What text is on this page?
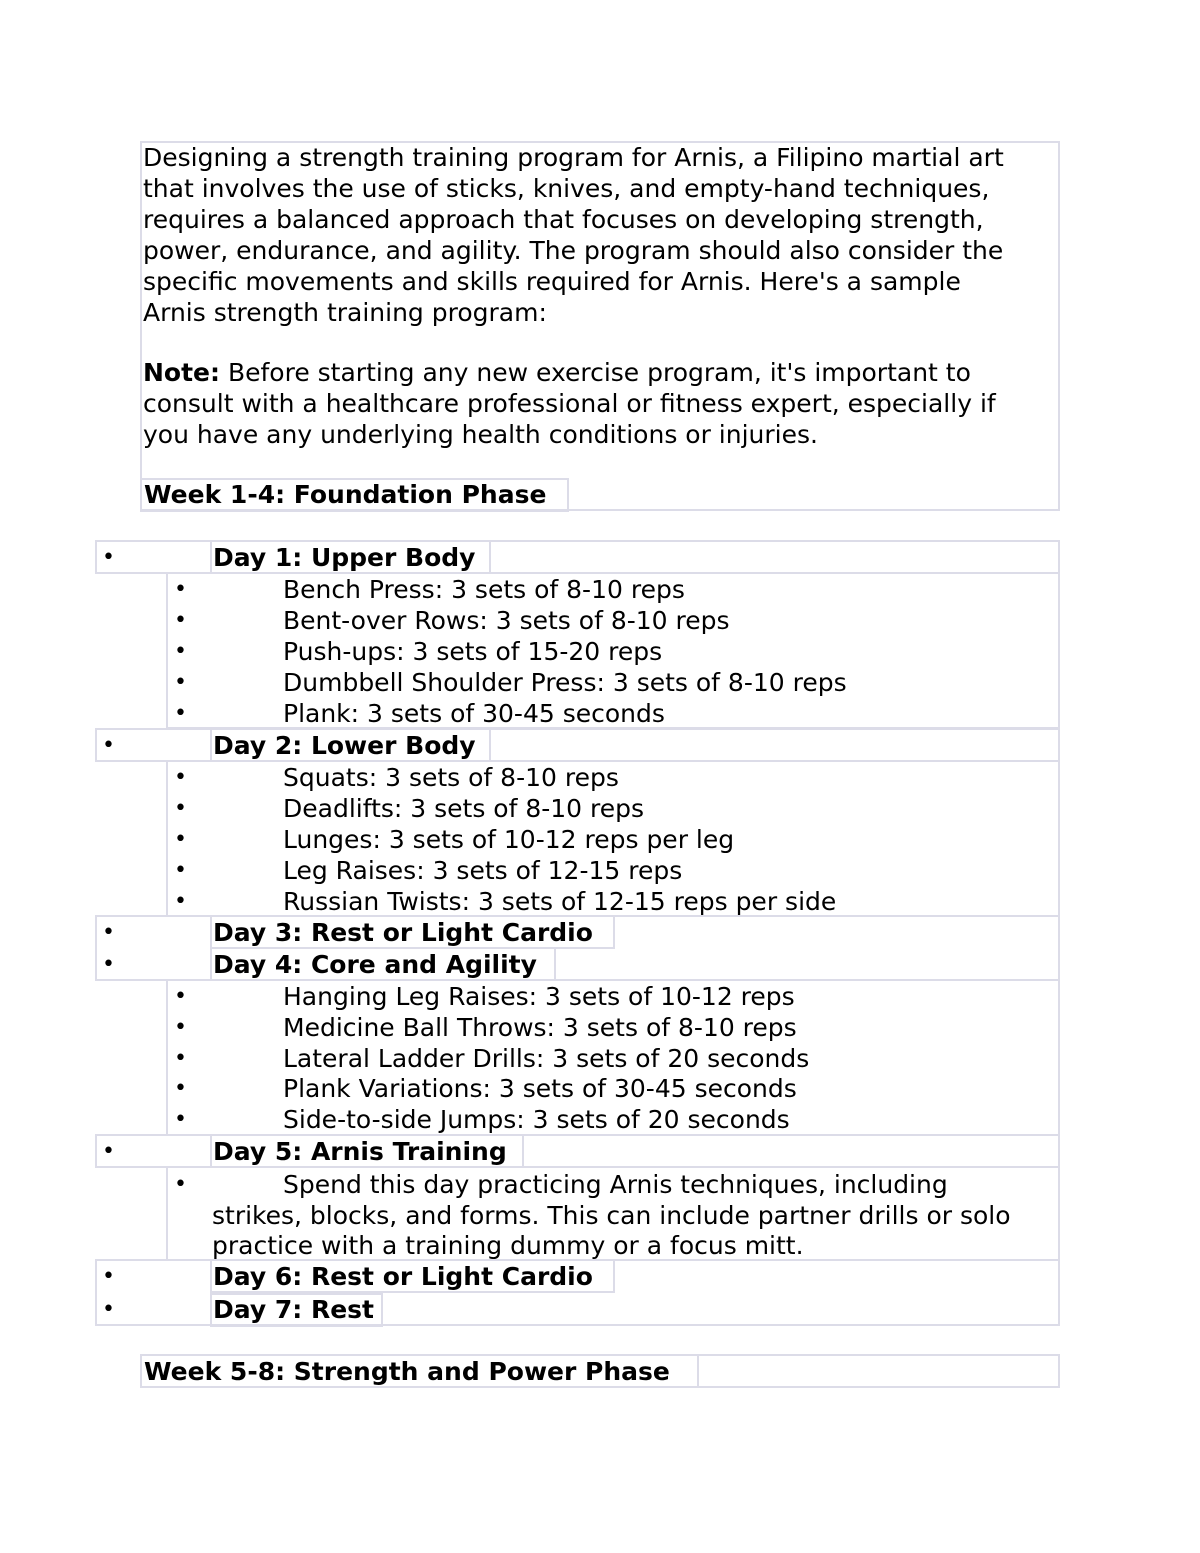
Designing a strength training program for Arnis, a Filipino martial art
that involves the use of sticks, knives, and empty-hand techniques,
requires a balanced approach that focuses on developing strength,
power, endurance, and agility. The program should also consider the
specific movements and skills required for Arnis. Here's a sample
Arnis strength training program:
Note: Before starting any new exercise program, it's important to
consult with a healthcare professional or fitness expert, especially if
you have any underlying health conditions or injuries.
Week 1-4: Foundation Phase
•	Day 1: Upper Body
•	Bench Press: 3 sets of 8-10 reps
•	Bent-over Rows: 3 sets of 8-10 reps
•	Push-ups: 3 sets of 15-20 reps
•	Dumbbell Shoulder Press: 3 sets of 8-10 reps
•	Plank: 3 sets of 30-45 seconds
•	Day 2: Lower Body
•	Squats: 3 sets of 8-10 reps
•	Deadlifts: 3 sets of 8-10 reps
•	Lunges: 3 sets of 10-12 reps per leg
•	Leg Raises: 3 sets of 12-15 reps
•	Russian Twists: 3 sets of 12-15 reps per side
•	Day 3: Rest or Light Cardio
•	Day 4: Core and Agility
•	Hanging Leg Raises: 3 sets of 10-12 reps
•	Medicine Ball Throws: 3 sets of 8-10 reps
•	Lateral Ladder Drills: 3 sets of 20 seconds
•	Plank Variations: 3 sets of 30-45 seconds
•	Side-to-side Jumps: 3 sets of 20 seconds
•	Day 5: Arnis Training
•	Spend this day practicing Arnis techniques, including
strikes, blocks, and forms. This can include partner drills or solo
practice with a training dummy or a focus mitt.
•	Day 6: Rest or Light Cardio
•	Day 7: Rest
Week 5-8: Strength and Power Phase
